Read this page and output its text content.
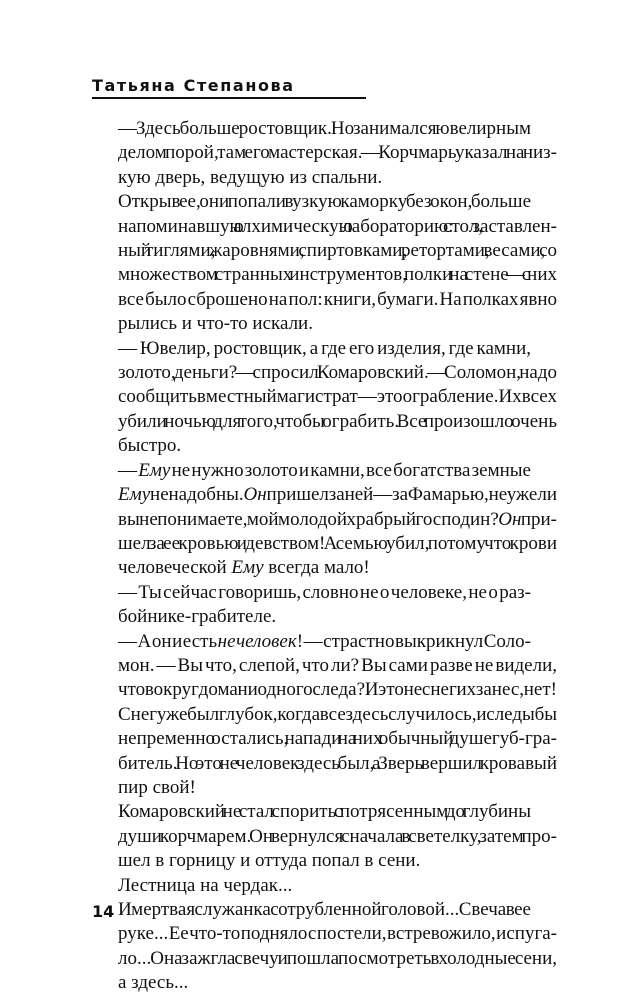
Татьяна Степанова

— Здесь больше ростовщик. Но занимался ювелирным
делом порой, там его мастерская. — Корчмарь указал на низ-
кую дверь, ведущую из спальни.

Открыв ее, они попали в узкую каморку без окон, больше
напоминавшую алхимическую лабораторию: стол, заставлен-
ный тиглями, жаровнями, спиртовками, ретортами, весами, со
множеством странных инструментов, полки на стене — с них
все было сброшено на пол: книги, бумаги. На полках явно
рылись и что-то искали.

— Ювелир, ростовщик, а где его изделия, где камни,
золото, деньги? — спросил Комаровский. — Соломон, надо
сообщить в местный магистрат — это ограбление. Их всех
убили ночью для того, чтобы ограбить. Все произошло очень
быстро.

— Ему не нужно золото и камни, все богатства земные
Ему не надобны. Он пришел за ней — за Фамарью, неужели
вы не понимаете, мой молодой храбрый господин? Он при-
шел за ее кровью и девством! А семью убил, потому что крови
человеческой Ему всегда мало!

— Ты сейчас говоришь, словно не о человеке, не о раз-
бойнике-грабителе.

— А он и есть не человек! — страстно выкрикнул Соло-
мон. — Вы что, слепой, что ли? Вы сами разве не видели,
что вокруг дома ни одного следа? И это не снег их занес, нет!
Снег уже был глубок, когда все здесь случилось, и следы бы
непременно остались, напади на них обычный душегуб-гра-
битель. Но это не человек здесь был, а Зверь вершил кровавый
пир свой!

Комаровский не стал спорить с потрясенным до глубины
души корчмарем. Он вернулся сначала в светелку, затем про-
шел в горницу и оттуда попал в сени.

Лестница на чердак...

И мертвая служанка с отрубленной головой... Свеча в ее
руке... Ее что-то подняло с постели, встревожило, испуга-
ло... Она зажгла свечу и пошла посмотреть в холодные сени,
а здесь...

14
